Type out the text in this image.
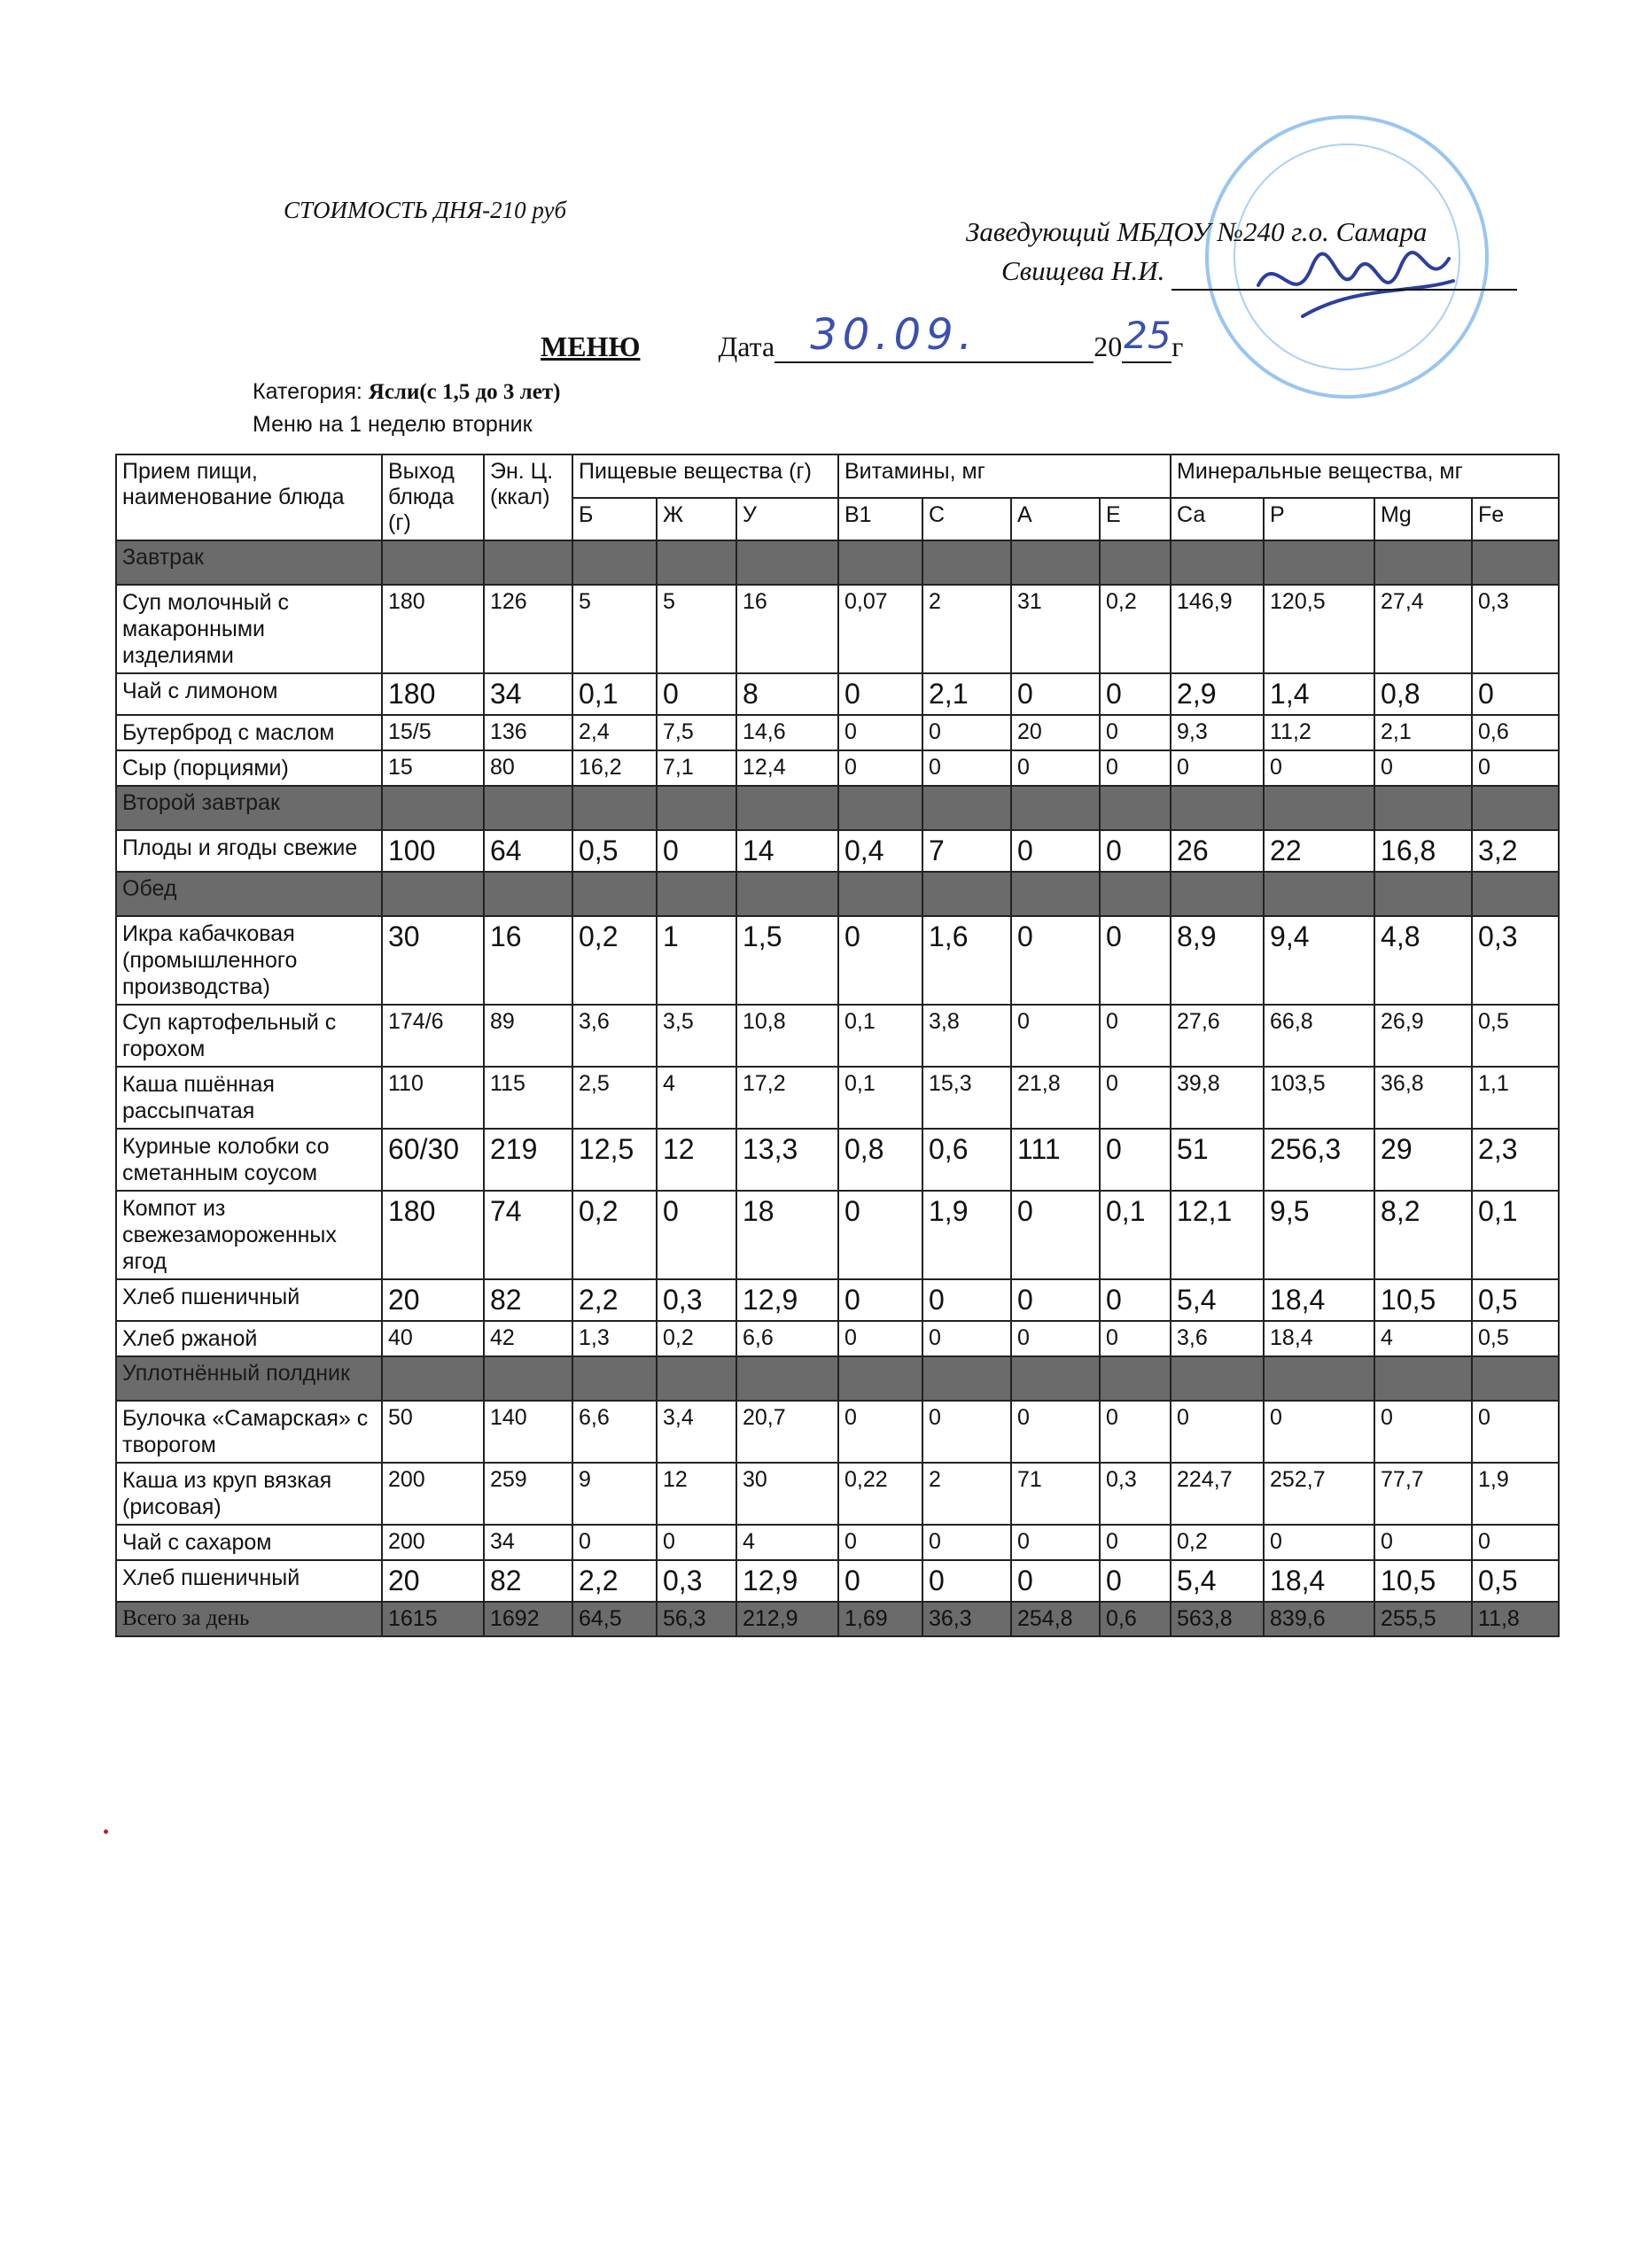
СТОИМОСТЬ ДНЯ-210 руб
Заведующий МБДОУ №240 г.о. Самара
Свищева Н.И.
МЕНЮ	Дата 30.09.	20 25 г
Категория: Ясли(с 1,5 до 3 лет)
Меню на 1 неделю вторник
Прием пищи, наименование блюда	Выход блюда (г)	Эн. Ц. (ккал)	Пищевые вещества (г)			Витамины, мг				Минеральные вещества, мг			
			Б	Ж	У	В1	С	А	Е	Са	Р	Mg	Fe
Завтрак													
Суп молочный с макаронными изделиями	180	126	5	5	16	0,07	2	31	0,2	146,9	120,5	27,4	0,3
Чай с лимоном	180	34	0,1	0	8	0	2,1	0	0	2,9	1,4	0,8	0
Бутерброд с маслом	15/5	136	2,4	7,5	14,6	0	0	20	0	9,3	11,2	2,1	0,6
Сыр (порциями)	15	80	16,2	7,1	12,4	0	0	0	0	0	0	0	0
Второй завтрак													
Плоды и ягоды свежие	100	64	0,5	0	14	0,4	7	0	0	26	22	16,8	3,2
Обед													
Икра кабачковая (промышленного производства)	30	16	0,2	1	1,5	0	1,6	0	0	8,9	9,4	4,8	0,3
Суп картофельный с горохом	174/6	89	3,6	3,5	10,8	0,1	3,8	0	0	27,6	66,8	26,9	0,5
Каша пшённая рассыпчатая	110	115	2,5	4	17,2	0,1	15,3	21,8	0	39,8	103,5	36,8	1,1
Куриные колобки со сметанным соусом	60/30	219	12,5	12	13,3	0,8	0,6	111	0	51	256,3	29	2,3
Компот из свежезамороженных ягод	180	74	0,2	0	18	0	1,9	0	0,1	12,1	9,5	8,2	0,1
Хлеб пшеничный	20	82	2,2	0,3	12,9	0	0	0	0	5,4	18,4	10,5	0,5
Хлеб ржаной	40	42	1,3	0,2	6,6	0	0	0	0	3,6	18,4	4	0,5
Уплотнённый полдник													
Булочка «Самарская» с творогом	50	140	6,6	3,4	20,7	0	0	0	0	0	0	0	0
Каша из круп вязкая (рисовая)	200	259	9	12	30	0,22	2	71	0,3	224,7	252,7	77,7	1,9
Чай с сахаром	200	34	0	0	4	0	0	0	0	0,2	0	0	0
Хлеб пшеничный	20	82	2,2	0,3	12,9	0	0	0	0	5,4	18,4	10,5	0,5
Всего за день	1615	1692	64,5	56,3	212,9	1,69	36,3	254,8	0,6	563,8	839,6	255,5	11,8
